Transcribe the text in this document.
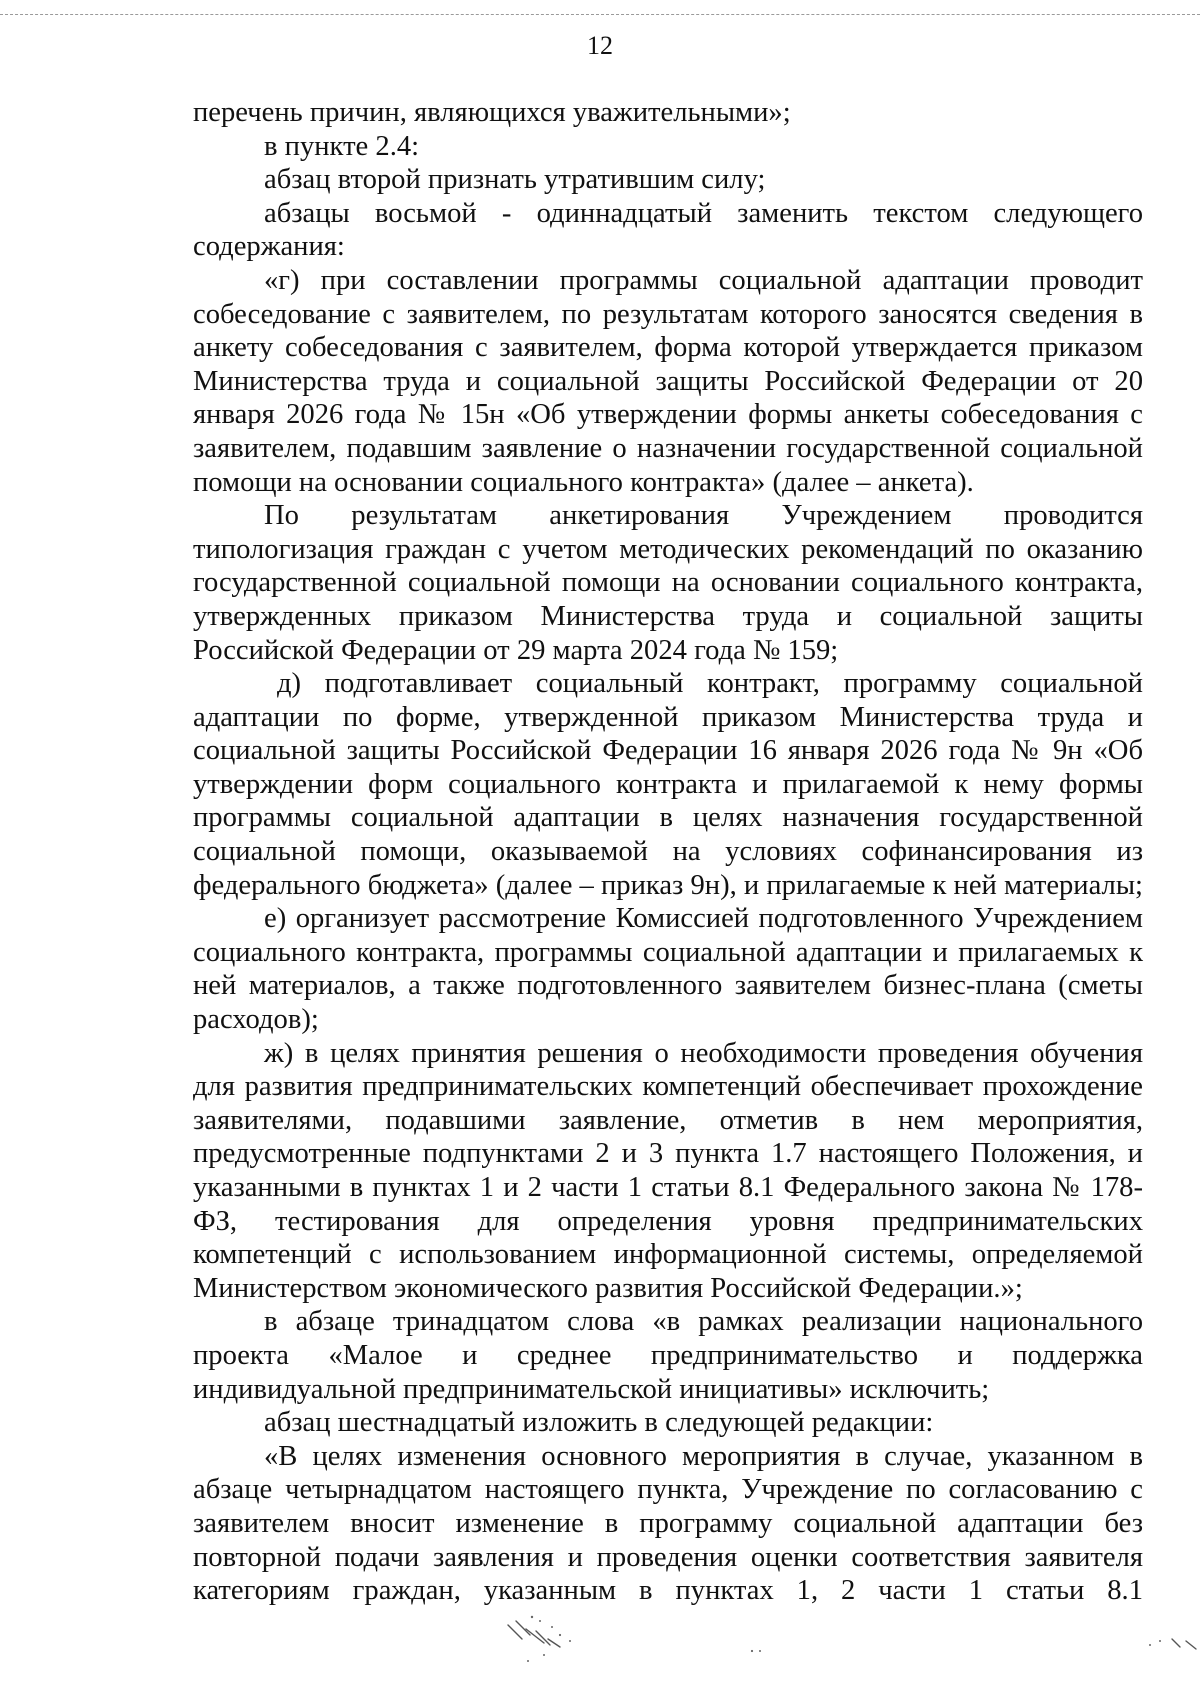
12

перечень причин, являющихся уважительными»;

в пункте 2.4:

абзац второй признать утратившим силу;

абзацы восьмой - одиннадцатый заменить текстом следующего содержания:

«г) при составлении программы социальной адаптации проводит собеседование с заявителем, по результатам которого заносятся сведения в анкету собеседования с заявителем, форма которой утверждается приказом Министерства труда и социальной защиты Российской Федерации от 20 января 2026 года № 15н «Об утверждении формы анкеты собеседования с заявителем, подавшим заявление о назначении государственной социальной помощи на основании социального контракта» (далее – анкета).

По результатам анкетирования Учреждением проводится типологизация граждан с учетом методических рекомендаций по оказанию государственной социальной помощи на основании социального контракта, утвержденных приказом Министерства труда и социальной защиты Российской Федерации от 29 марта 2024 года № 159;

д) подготавливает социальный контракт, программу социальной адаптации по форме, утвержденной приказом Министерства труда и социальной защиты Российской Федерации 16 января 2026 года № 9н «Об утверждении форм социального контракта и прилагаемой к нему формы программы социальной адаптации в целях назначения государственной социальной помощи, оказываемой на условиях софинансирования из федерального бюджета» (далее – приказ 9н), и прилагаемые к ней материалы;

е) организует рассмотрение Комиссией подготовленного Учреждением социального контракта, программы социальной адаптации и прилагаемых к ней материалов, а также подготовленного заявителем бизнес-плана (сметы расходов);

ж) в целях принятия решения о необходимости проведения обучения для развития предпринимательских компетенций обеспечивает прохождение заявителями, подавшими заявление, отметив в нем мероприятия, предусмотренные подпунктами 2 и 3 пункта 1.7 настоящего Положения, и указанными в пунктах 1 и 2 части 1 статьи 8.1 Федерального закона № 178-ФЗ, тестирования для определения уровня предпринимательских компетенций с использованием информационной системы, определяемой Министерством экономического развития Российской Федерации.»;

в абзаце тринадцатом слова «в рамках реализации национального проекта «Малое и среднее предпринимательство и поддержка индивидуальной предпринимательской инициативы» исключить;

абзац шестнадцатый изложить в следующей редакции:

«В целях изменения основного мероприятия в случае, указанном в абзаце четырнадцатом настоящего пункта, Учреждение по согласованию с заявителем вносит изменение в программу социальной адаптации без повторной подачи заявления и проведения оценки соответствия заявителя категориям граждан, указанным в пунктах 1, 2 части 1 статьи 8.1
